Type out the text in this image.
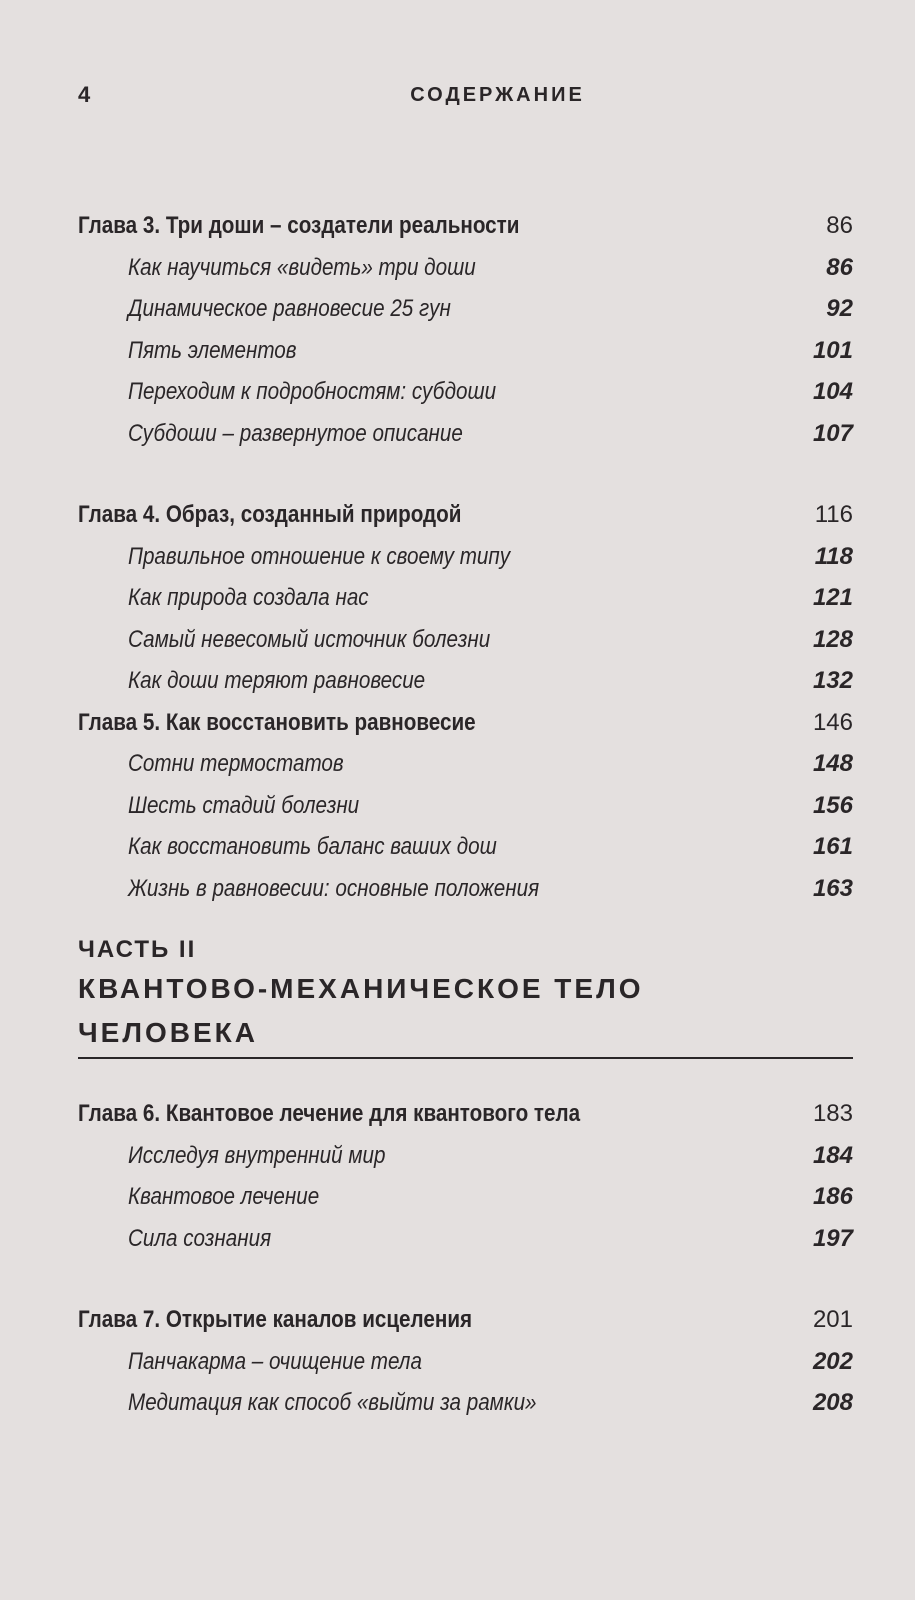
4	СОДЕРЖАНИЕ
Глава 3. Три доши – создатели реальности	86
Как научиться «видеть» три доши	86
Динамическое равновесие 25 гун	92
Пять элементов	101
Переходим к подробностям: субдоши	104
Субдоши – развернутое описание	107
Глава 4. Образ, созданный природой	116
Правильное отношение к своему типу	118
Как природа создала нас	121
Самый невесомый источник болезни	128
Как доши теряют равновесие	132
Глава 5. Как восстановить равновесие	146
Сотни термостатов	148
Шесть стадий болезни	156
Как восстановить баланс ваших дош	161
Жизнь в равновесии: основные положения	163
ЧАСТЬ II
КВАНТОВО-МЕХАНИЧЕСКОЕ ТЕЛО
ЧЕЛОВЕКА
Глава 6. Квантовое лечение для квантового тела	183
Исследуя внутренний мир	184
Квантовое лечение	186
Сила сознания	197
Глава 7. Открытие каналов исцеления	201
Панчакарма – очищение тела	202
Медитация как способ «выйти за рамки»	208
